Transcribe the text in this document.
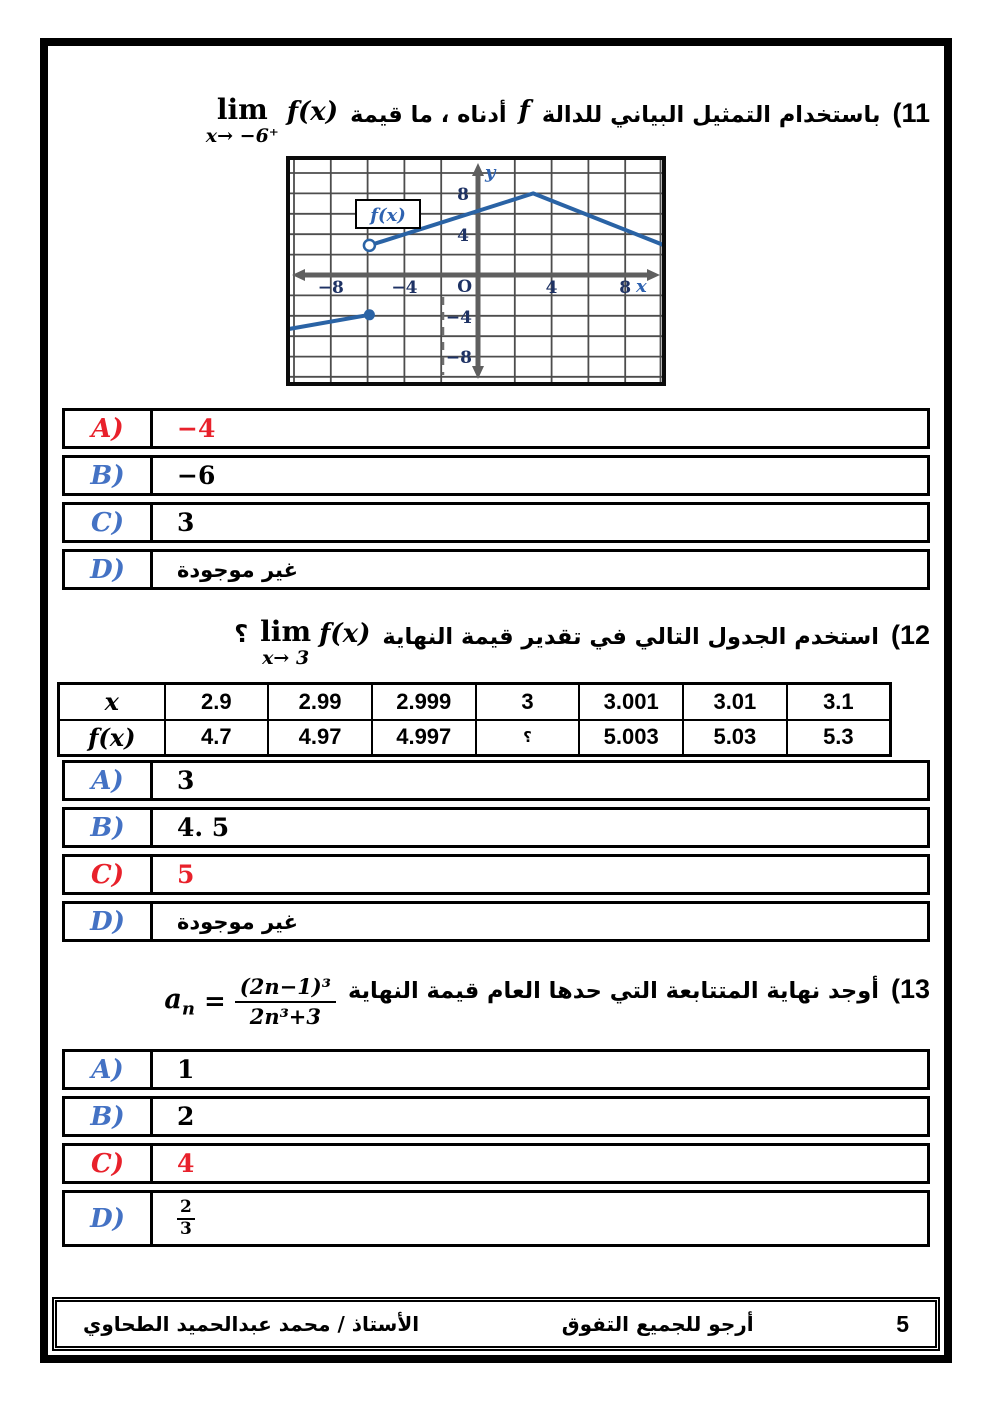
(11
باستخدام التمثيل البياني للدالة
f
أدناه ، ما قيمة
lim
x→ −6⁺
f(x)
f(x)
−8	−4	4	8
O	x
y
8
4
−4
−8
A)	−4
B)	−6
C)	3
D)	غير موجودة
(12
استخدم الجدول التالي في تقدير قيمة النهاية
lim
x→ 3
f(x)
؟
x	2.9	2.99	2.999	3	3.001	3.01	3.1
f(x)	4.7	4.97	4.997	؟	5.003	5.03	5.3
A)	3
B)	4. 5
C)	5
D)	غير موجودة
(13
أوجد نهاية المتتابعة التي حدها العام قيمة النهاية
$a_n = \frac{\text{(2n−1)³}}{\text{2n³+3}}$
A)	1
B)	2
C)	4
D)	$\frac{2}{3}$
5
أرجو للجميع التفوق
الأستاذ / محمد عبدالحميد الطحاوي
